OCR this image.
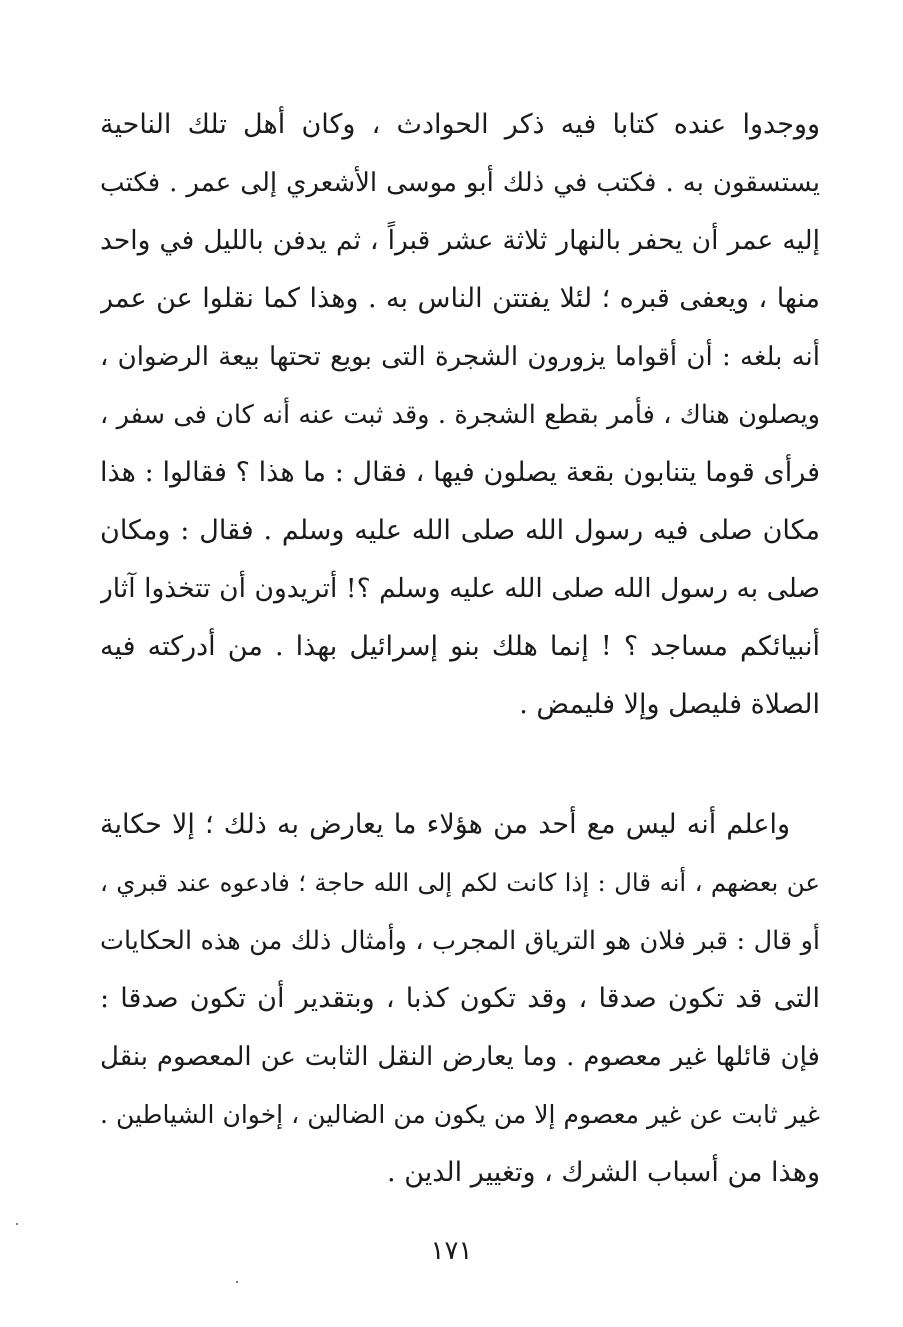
ووجدوا عنده كتابا فيه ذكر الحوادث ، وكان أهل تلك الناحية
يستسقون به . فكتب في ذلك أبو موسى الأشعري إلى عمر . فكتب
إليه عمر أن يحفر بالنهار ثلاثة عشر قبراً ، ثم يدفن بالليل في واحد
منها ، ويعفى قبره ؛ لئلا يفتتن الناس به . وهذا كما نقلوا عن عمر
أنه بلغه : أن أقواما يزورون الشجرة التى بويع تحتها بيعة الرضوان ،
ويصلون هناك ، فأمر بقطع الشجرة . وقد ثبت عنه أنه كان فى سفر ،
فرأى قوما يتنابون بقعة يصلون فيها ، فقال : ما هذا ؟ فقالوا : هذا
مكان صلى فيه رسول الله صلى الله عليه وسلم . فقال : ومكان
صلى به رسول الله صلى الله عليه وسلم ؟! أتريدون أن تتخذوا آثار
أنبيائكم مساجد ؟ ! إنما هلك بنو إسرائيل بهذا . من أدركته فيه
الصلاة فليصل وإلا فليمض .
واعلم أنه ليس مع أحد من هؤلاء ما يعارض به ذلك ؛ إلا حكاية
عن بعضهم ، أنه قال : إذا كانت لكم إلى الله حاجة ؛ فادعوه عند قبري ،
أو قال : قبر فلان هو الترياق المجرب ، وأمثال ذلك من هذه الحكايات
التى قد تكون صدقا ، وقد تكون كذبا ، وبتقدير أن تكون صدقا :
فإن قائلها غير معصوم . وما يعارض النقل الثابت عن المعصوم بنقل
غير ثابت عن غير معصوم إلا من يكون من الضالين ، إخوان الشياطين .
وهذا من أسباب الشرك ، وتغيير الدين .
١٧١
